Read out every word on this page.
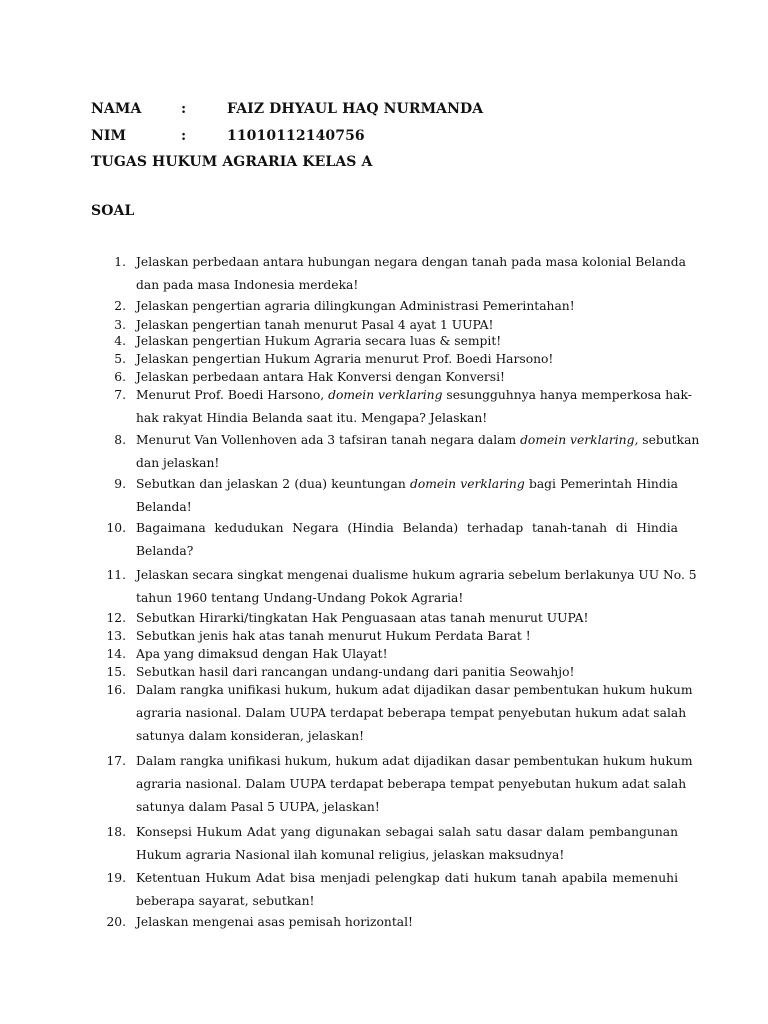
NAMA	:	FAIZ DHYAUL HAQ NURMANDA
NIM	:	11010112140756
TUGAS HUKUM AGRARIA KELAS A
SOAL
1. Jelaskan perbedaan antara hubungan negara dengan tanah pada masa kolonial Belanda
dan pada masa Indonesia merdeka!
2. Jelaskan pengertian agraria dilingkungan Administrasi Pemerintahan!
3. Jelaskan pengertian tanah menurut Pasal 4 ayat 1 UUPA!
4. Jelaskan pengertian Hukum Agraria secara luas & sempit!
5. Jelaskan pengertian Hukum Agraria menurut Prof. Boedi Harsono!
6. Jelaskan perbedaan antara Hak Konversi dengan Konversi!
7. Menurut Prof. Boedi Harsono, domein verklaring sesungguhnya hanya memperkosa hak-
hak rakyat Hindia Belanda saat itu. Mengapa? Jelaskan!
8. Menurut Van Vollenhoven ada 3 tafsiran tanah negara dalam domein verklaring, sebutkan
dan jelaskan!
9. Sebutkan dan jelaskan 2 (dua) keuntungan domein verklaring bagi Pemerintah Hindia
Belanda!
10. Bagaimana kedudukan Negara (Hindia Belanda) terhadap tanah-tanah di Hindia
Belanda?
11. Jelaskan secara singkat mengenai dualisme hukum agraria sebelum berlakunya UU No. 5
tahun 1960 tentang Undang-Undang Pokok Agraria!
12. Sebutkan Hirarki/tingkatan Hak Penguasaan atas tanah menurut UUPA!
13. Sebutkan jenis hak atas tanah menurut Hukum Perdata Barat !
14. Apa yang dimaksud dengan Hak Ulayat!
15. Sebutkan hasil dari rancangan undang-undang dari panitia Seowahjo!
16. Dalam rangka unifikasi hukum, hukum adat dijadikan dasar pembentukan hukum hukum
agraria nasional. Dalam UUPA terdapat beberapa tempat penyebutan hukum adat salah
satunya dalam konsideran, jelaskan!
17. Dalam rangka unifikasi hukum, hukum adat dijadikan dasar pembentukan hukum hukum
agraria nasional. Dalam UUPA terdapat beberapa tempat penyebutan hukum adat salah
satunya dalam Pasal 5 UUPA, jelaskan!
18. Konsepsi Hukum Adat yang digunakan sebagai salah satu dasar dalam pembangunan
Hukum agraria Nasional ilah komunal religius, jelaskan maksudnya!
19. Ketentuan Hukum Adat bisa menjadi pelengkap dati hukum tanah apabila memenuhi
beberapa sayarat, sebutkan!
20. Jelaskan mengenai asas pemisah horizontal!
